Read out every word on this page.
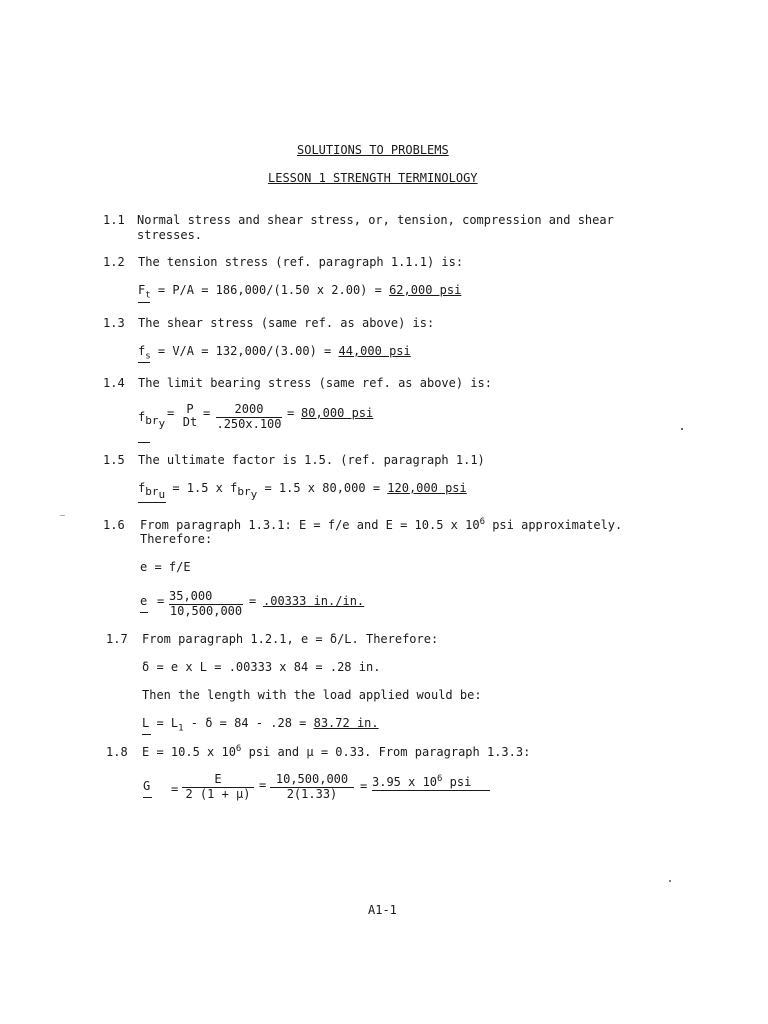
SOLUTIONS TO PROBLEMS
LESSON 1 STRENGTH TERMINOLOGY
1.1 Normal stress and shear stress, or, tension, compression and shear
stresses.
1.2 The tension stress (ref. paragraph 1.1.1) is:
$F_t = P/A = 186,000/(1.50$ x 2.00) = 62,000 psi
1.3 The shear stress (same ref. as above) is:
$f_s = V/A = 132,000/(3.00) = 44,000$ psi
1.4 The limit bearing stress (same ref. as above) is:
$f_{br_y}$
=	P
Dt
=	2000
.250x.100
= 80,000 psi
1.5 The ultimate factor is 1.5. (ref. paragraph 1.1)
$f_{br_u} = 1.5$ x $f_{br_y} = 1.5$ x 80,000 = 120,000 psi
1.6 From paragraph 1.3.1: E = f/e and E = 10.5 x $10^6$ psi approximately.
Therefore:
e = f/E
e = 35,000
10,500,000
= .00333 in./in.
1.7 From paragraph 1.2.1, e = δ/L. Therefore:
δ = e x L = .00333 x 84 = .28 in.
Then the length with the load applied would be:
$L = L_1 - \delta = 84 - .28 = 83.72$ in.
1.8 E = 10.5 x $10^6$ psi and μ = 0.33. From paragraph 1.3.3:
G =
E
2 (1 + μ)
= 10,500,000
2(1.33)
= 3.95 x $10^6$ psi
A1-1
